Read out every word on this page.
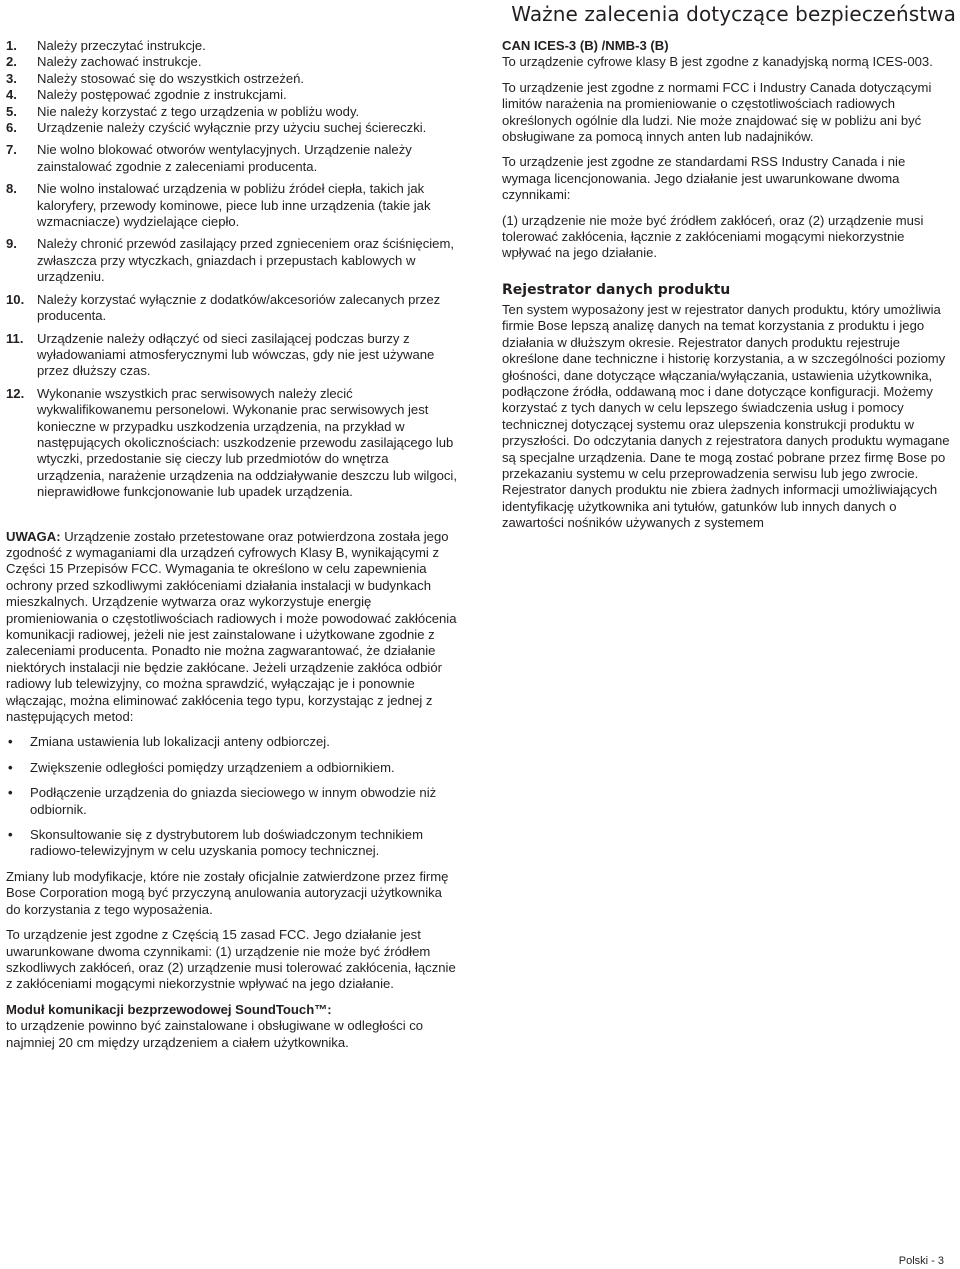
Ważne zalecenia dotyczące bezpieczeństwa
1. Należy przeczytać instrukcje.
2. Należy zachować instrukcje.
3. Należy stosować się do wszystkich ostrzeżeń.
4. Należy postępować zgodnie z instrukcjami.
5. Nie należy korzystać z tego urządzenia w pobliżu wody.
6. Urządzenie należy czyścić wyłącznie przy użyciu suchej ściereczki.
7. Nie wolno blokować otworów wentylacyjnych. Urządzenie należy zainstalować zgodnie z zaleceniami producenta.
8. Nie wolno instalować urządzenia w pobliżu źródeł ciepła, takich jak kaloryfery, przewody kominowe, piece lub inne urządzenia (takie jak wzmacniacze) wydzielające ciepło.
9. Należy chronić przewód zasilający przed zgnieceniem oraz ściśnięciem, zwłaszcza przy wtyczkach, gniazdach i przepustach kablowych w urządzeniu.
10. Należy korzystać wyłącznie z dodatków/akcesoriów zalecanych przez producenta.
11. Urządzenie należy odłączyć od sieci zasilającej podczas burzy z wyładowaniami atmosferycznymi lub wówczas, gdy nie jest używane przez dłuższy czas.
12. Wykonanie wszystkich prac serwisowych należy zlecić wykwalifikowanemu personelowi. Wykonanie prac serwisowych jest konieczne w przypadku uszkodzenia urządzenia, na przykład w następujących okolicznościach: uszkodzenie przewodu zasilającego lub wtyczki, przedostanie się cieczy lub przedmiotów do wnętrza urządzenia, narażenie urządzenia na oddziaływanie deszczu lub wilgoci, nieprawidłowe funkcjonowanie lub upadek urządzenia.

UWAGA: Urządzenie zostało przetestowane oraz potwierdzona została jego zgodność z wymaganiami dla urządzeń cyfrowych Klasy B, wynikającymi z Części 15 Przepisów FCC. Wymagania te określono w celu zapewnienia ochrony przed szkodliwymi zakłóceniami działania instalacji w budynkach mieszkalnych. Urządzenie wytwarza oraz wykorzystuje energię promieniowania o częstotliwościach radiowych i może powodować zakłócenia komunikacji radiowej, jeżeli nie jest zainstalowane i użytkowane zgodnie z zaleceniami producenta. Ponadto nie można zagwarantować, że działanie niektórych instalacji nie będzie zakłócane. Jeżeli urządzenie zakłóca odbiór radiowy lub telewizyjny, co można sprawdzić, wyłączając je i ponownie włączając, można eliminować zakłócenia tego typu, korzystając z jednej z następujących metod:

• Zmiana ustawienia lub lokalizacji anteny odbiorczej.
• Zwiększenie odległości pomiędzy urządzeniem a odbiornikiem.
• Podłączenie urządzenia do gniazda sieciowego w innym obwodzie niż odbiornik.
• Skonsultowanie się z dystrybutorem lub doświadczonym technikiem radiowo-telewizyjnym w celu uzyskania pomocy technicznej.

Zmiany lub modyfikacje, które nie zostały oficjalnie zatwierdzone przez firmę Bose Corporation mogą być przyczyną anulowania autoryzacji użytkownika do korzystania z tego wyposażenia.

To urządzenie jest zgodne z Częścią 15 zasad FCC. Jego działanie jest uwarunkowane dwoma czynnikami: (1) urządzenie nie może być źródłem szkodliwych zakłóceń, oraz (2) urządzenie musi tolerować zakłócenia, łącznie z zakłóceniami mogącymi niekorzystnie wpływać na jego działanie.

Moduł komunikacji bezprzewodowej SoundTouch™:
to urządzenie powinno być zainstalowane i obsługiwane w odległości co najmniej 20 cm między urządzeniem a ciałem użytkownika.

CAN ICES-3 (B) /NMB-3 (B)

To urządzenie cyfrowe klasy B jest zgodne z kanadyjską normą ICES-003.

To urządzenie jest zgodne z normami FCC i Industry Canada dotyczącymi limitów narażenia na promieniowanie o częstotliwościach radiowych określonych ogólnie dla ludzi. Nie może znajdować się w pobliżu ani być obsługiwane za pomocą innych anten lub nadajników.

To urządzenie jest zgodne ze standardami RSS Industry Canada i nie wymaga licencjonowania. Jego działanie jest uwarunkowane dwoma czynnikami:

(1) urządzenie nie może być źródłem zakłóceń, oraz (2) urządzenie musi tolerować zakłócenia, łącznie z zakłóceniami mogącymi niekorzystnie wpływać na jego działanie.

Rejestrator danych produktu

Ten system wyposażony jest w rejestrator danych produktu, który umożliwia firmie Bose lepszą analizę danych na temat korzystania z produktu i jego działania w dłuższym okresie. Rejestrator danych produktu rejestruje określone dane techniczne i historię korzystania, a w szczególności poziomy głośności, dane dotyczące włączania/wyłączania, ustawienia użytkownika, podłączone źródła, oddawaną moc i dane dotyczące konfiguracji. Możemy korzystać z tych danych w celu lepszego świadczenia usług i pomocy technicznej dotyczącej systemu oraz ulepszenia konstrukcji produktu w przyszłości. Do odczytania danych z rejestratora danych produktu wymagane są specjalne urządzenia. Dane te mogą zostać pobrane przez firmę Bose po przekazaniu systemu w celu przeprowadzenia serwisu lub jego zwrocie. Rejestrator danych produktu nie zbiera żadnych informacji umożliwiających identyfikację użytkownika ani tytułów, gatunków lub innych danych o zawartości nośników używanych z systemem

Polski - 3
